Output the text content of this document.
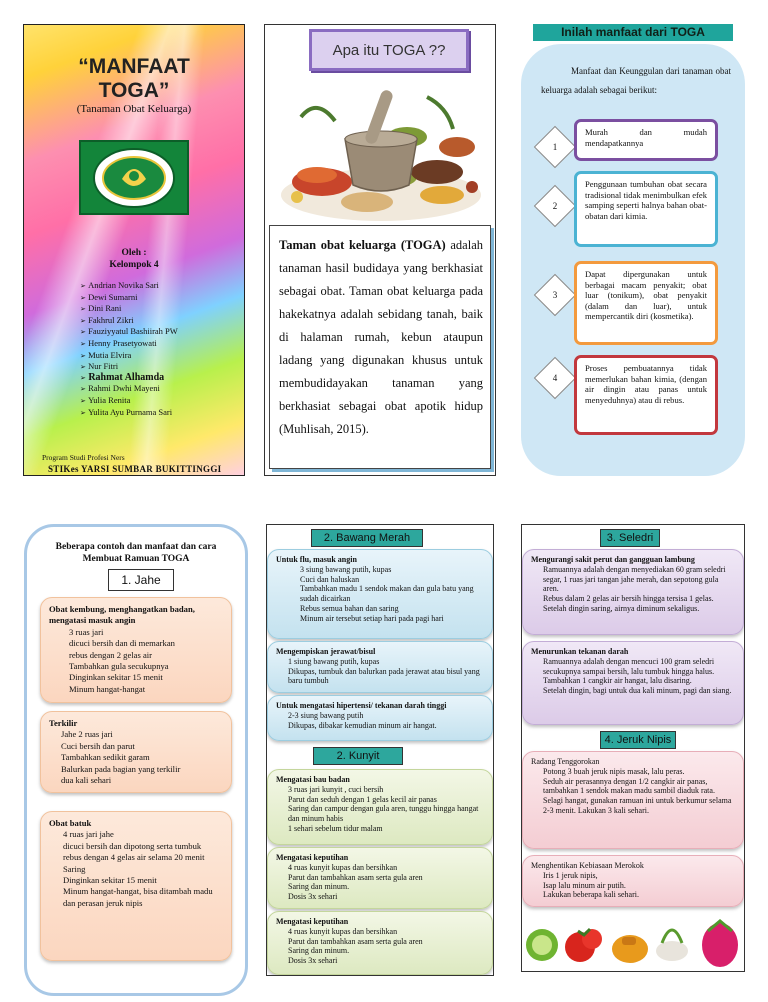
“MANFAAT
TOGA”
(Tanaman Obat Keluarga)
Oleh :
Kelompok 4
➢ Andrian Novika Sari
➢ Dewi Sumarni
➢ Dini Rani
➢ Fakhrul Zikri
➢ Fauziyyatul Bashiirah PW
➢ Henny Prasetyowati
➢ Mutia Elvira
➢ Nur Fitri
➢ Rahmat Alhamda
➢ Rahmi Dwhi Mayeni
➢ Yulia Renita
➢ Yulita Ayu Purnama Sari
Program Studi Profesi Ners
STIKes YARSI SUMBAR BUKITTINGGI
Apa itu TOGA ??
Taman obat keluarga (TOGA) adalah tanaman hasil budidaya yang berkhasiat sebagai obat. Taman obat keluarga pada hakekatnya adalah sebidang tanah, baik di halaman rumah, kebun ataupun ladang yang digunakan khusus untuk membudidayakan tanaman yang berkhasiat sebagai obat apotik hidup (Muhlisah, 2015).
Inilah manfaat dari TOGA
Manfaat dan Keunggulan dari tanaman obat keluarga adalah sebagai berikut:
1
Murah dan mudah mendapatkannya
2
Penggunaan tumbuhan obat secara tradisional tidak menimbulkan efek samping seperti halnya bahan obat-obatan dari kimia.
3
Dapat dipergunakan untuk berbagai macam penyakit; obat luar (tonikum), obat penyakit (dalam dan luar), untuk mempercantik diri (kosmetika).
4
Proses pembuatannya tidak memerlukan bahan kimia, (dengan air dingin atau panas untuk menyeduhnya) atau di rebus.
Beberapa contoh dan manfaat dan cara
Membuat Ramuan TOGA
1. Jahe
Obat kembung, menghangatkan badan, mengatasi masuk angin
3 ruas jari
dicuci bersih dan di memarkan
rebus dengan 2 gelas air
Tambahkan gula secukupnya
Dinginkan sekitar 15 menit
Minum hangat-hangat
Terkilir
Jahe 2 ruas jari
Cuci bersih dan parut
Tambahkan sedikit garam
Balurkan pada bagian yang terkilir
dua kali sehari
Obat batuk
4 ruas jari jahe
dicuci bersih dan dipotong serta tumbuk
rebus dengan 4 gelas air selama 20 menit
Saring
Dinginkan sekitar 15 menit
Minum hangat-hangat, bisa ditambah madu dan perasan jeruk nipis
2. Bawang Merah
Untuk flu, masuk angin
3 siung bawang putih, kupas
Cuci dan haluskan
Tambahkan madu 1 sendok makan dan gula batu yang sudah dicairkan
Rebus semua bahan dan saring
Minum air tersebut setiap hari pada pagi hari
Mengempiskan jerawat/bisul
1 siung bawang putih, kupas
Dikupas, tumbuk dan balurkan pada jerawat atau bisul yang baru tumbuh
Untuk mengatasi hipertensi/ tekanan darah tinggi
2-3 siung bawang putih
Dikupas, dibakar kemudian minum air hangat.
2. Kunyit
Mengatasi bau badan
3 ruas jari kunyit , cuci bersih
Parut dan seduh dengan 1 gelas kecil air panas
Saring dan campur dengan gula aren, tunggu hingga hangat dan minum habis
1 sehari sebelum tidur malam
Mengatasi keputihan
4 ruas kunyit kupas dan bersihkan
Parut dan tambahkan asam serta gula aren
Saring dan minum.
Dosis 3x sehari
Mengatasi keputihan
4 ruas kunyit kupas dan bersihkan
Parut dan tambahkan asam serta gula aren
Saring dan minum.
Dosis 3x sehari
3. Seledri
Mengurangi sakit perut dan gangguan lambung
Ramuannya adalah dengan menyediakan 60 gram seledri segar, 1 ruas jari tangan jahe merah, dan sepotong gula aren.
Rebus dalam 2 gelas air bersih hingga tersisa 1 gelas.
Setelah dingin saring, airnya diminum sekaligus.
Menurunkan tekanan darah
Ramuannya adalah dengan mencuci 100 gram seledri secukupnya sampai bersih, lalu tumbuk hingga halus.
Tambahkan 1 cangkir air hangat, lalu disaring.
Setelah dingin, bagi untuk dua kali minum, pagi dan siang.
4. Jeruk Nipis
Radang Tenggorokan
Potong 3 buah jeruk nipis masak, lalu peras.
Seduh air perasannya dengan 1/2 cangkir air panas,
tambahkan 1 sendok makan madu sambil diaduk rata.
Selagi hangat, gunakan ramuan ini untuk berkumur selama 2-3 menit. Lakukan 3 kali sehari.
Menghentikan Kebiasaan Merokok
Iris 1 jeruk nipis,
Isap lalu minum air putih.
Lakukan beberapa kali sehari.
